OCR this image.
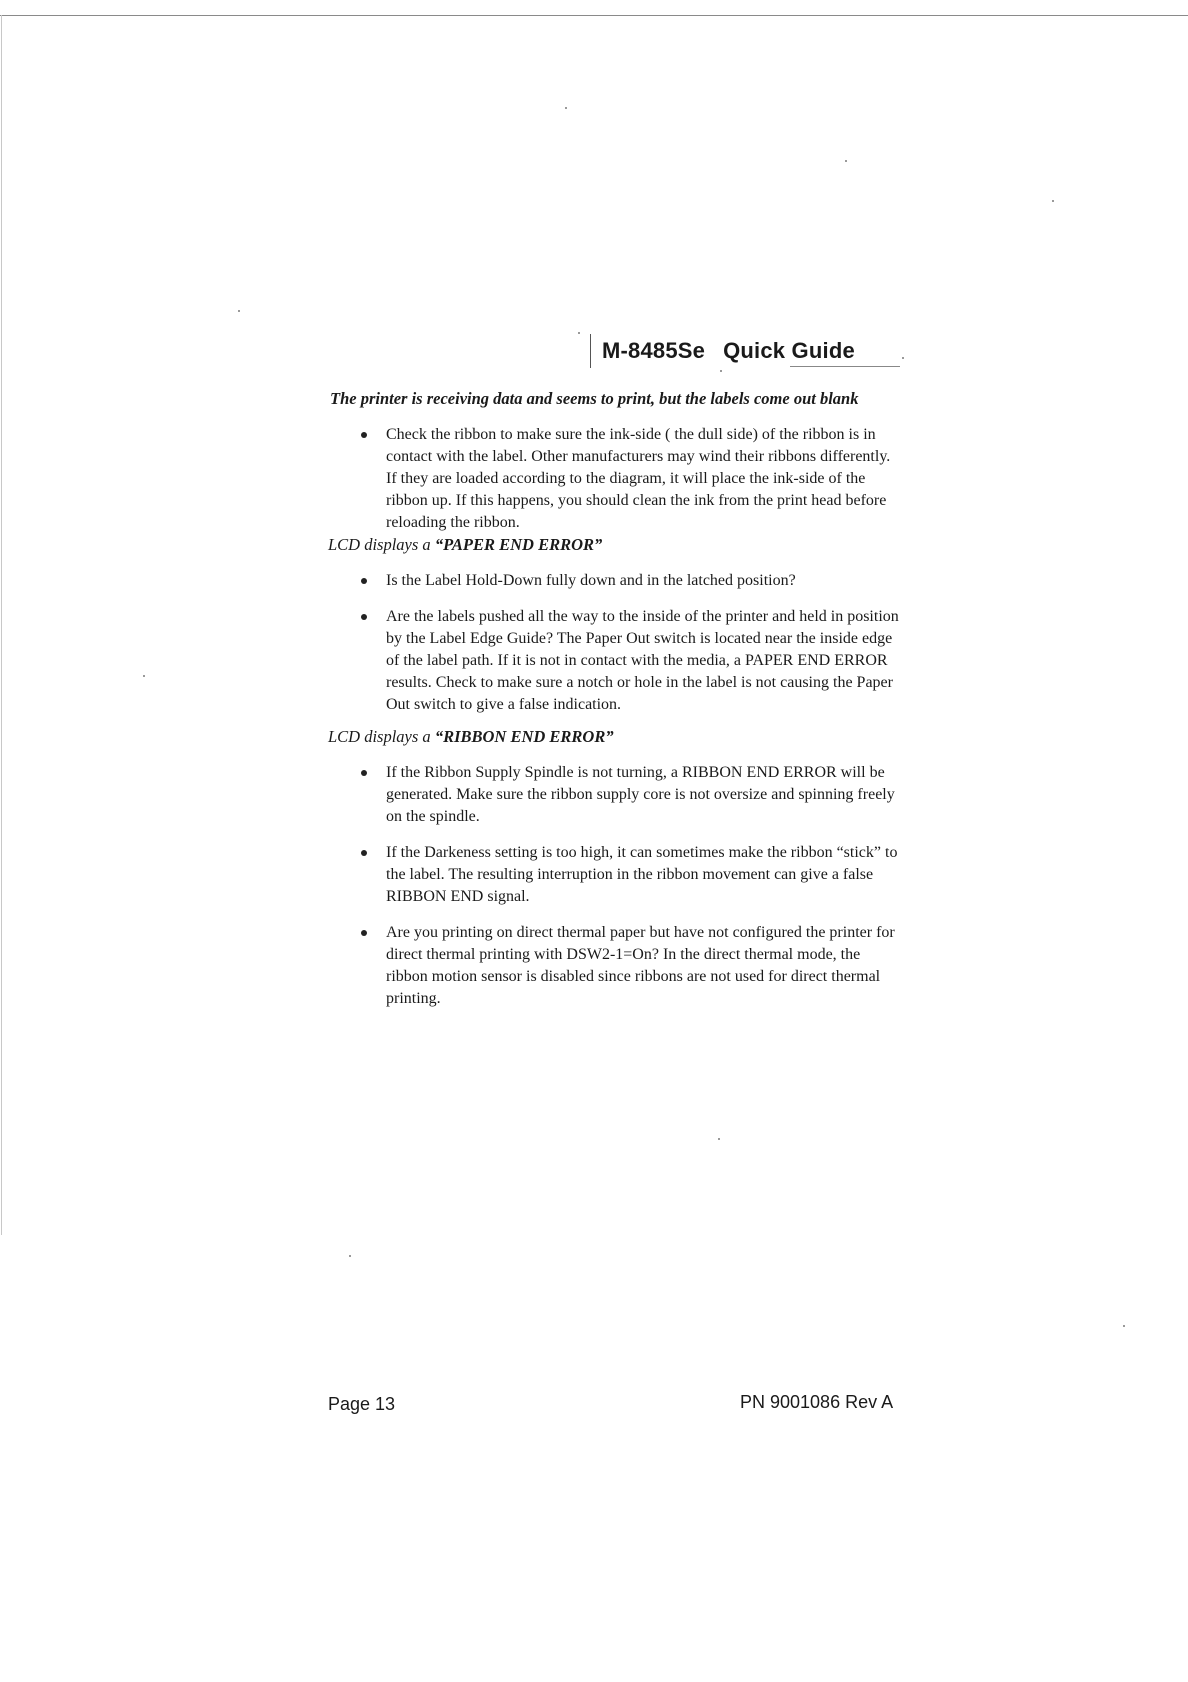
M-8485Se Quick Guide

The printer is receiving data and seems to print, but the labels come out blank

Check the ribbon to make sure the ink-side ( the dull side) of the ribbon is in contact with the label. Other manufacturers may wind their ribbons differently. If they are loaded according to the diagram, it will place the ink-side of the ribbon up. If this happens, you should clean the ink from the print head before reloading the ribbon.

LCD displays a “PAPER END ERROR”

Is the Label Hold-Down fully down and in the latched position?
Are the labels pushed all the way to the inside of the printer and held in position by the Label Edge Guide? The Paper Out switch is located near the inside edge of the label path. If it is not in contact with the media, a PAPER END ERROR results. Check to make sure a notch or hole in the label is not causing the Paper Out switch to give a false indication.

LCD displays a “RIBBON END ERROR”

If the Ribbon Supply Spindle is not turning, a RIBBON END ERROR will be generated. Make sure the ribbon supply core is not oversize and spinning freely on the spindle.
If the Darkeness setting is too high, it can sometimes make the ribbon “stick” to the label. The resulting interruption in the ribbon movement can give a false RIBBON END signal.
Are you printing on direct thermal paper but have not configured the printer for direct thermal printing with DSW2-1=On? In the direct thermal mode, the ribbon motion sensor is disabled since ribbons are not used for direct thermal printing.
Page 13	PN 9001086 Rev A
